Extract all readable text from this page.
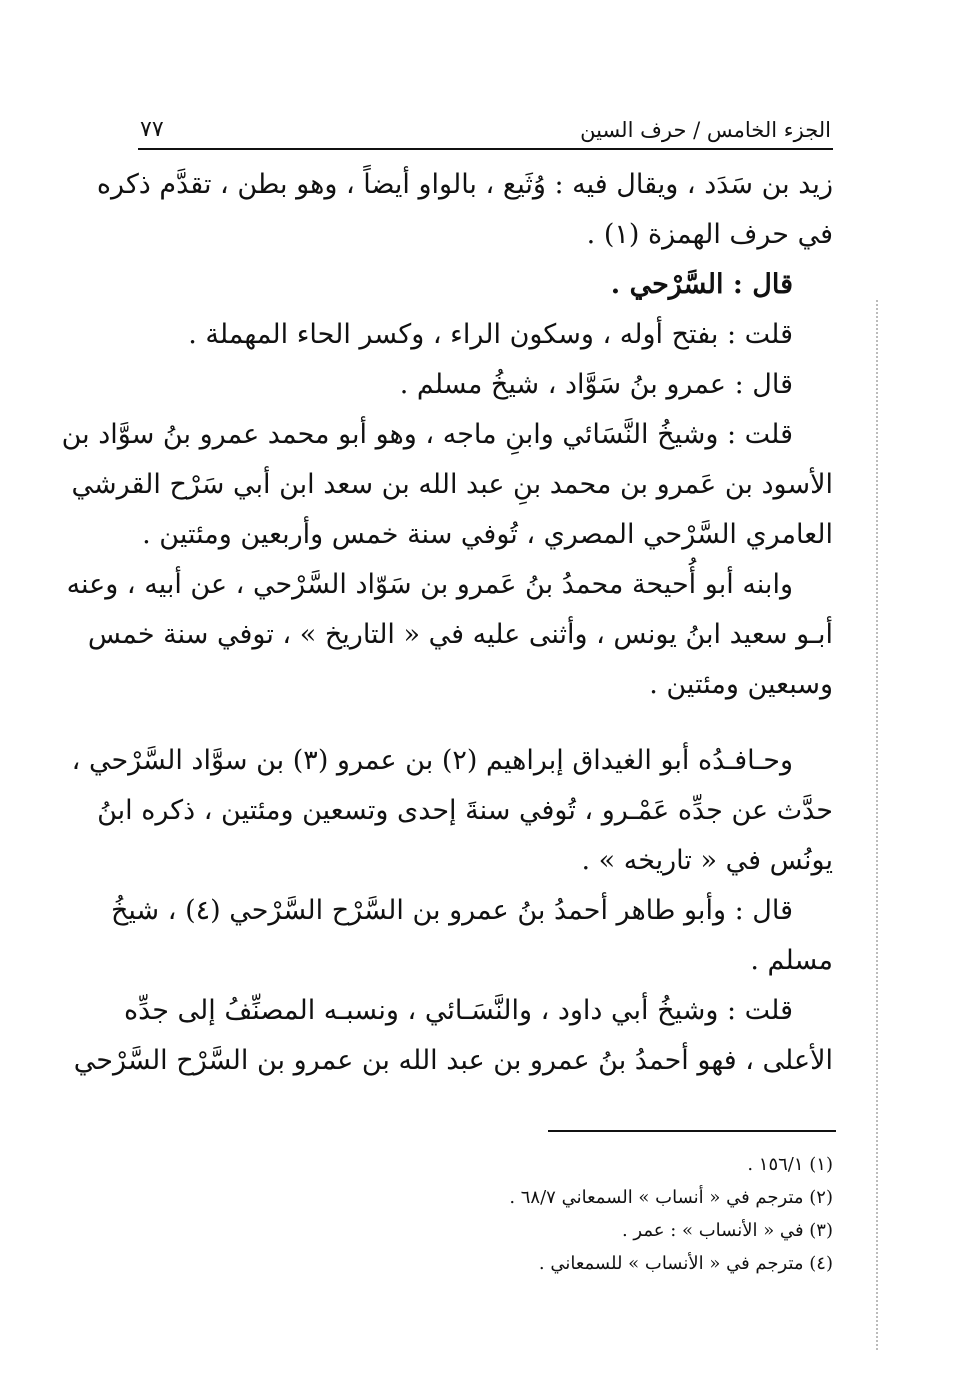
الجزء الخامس / حرف السين
٧٧
زيد بن سَدَد ، ويقال فيه : وُثَيع ، بالواو أيضاً ، وهو بطن ، تقدَّم ذكره
في حرف الهمزة (١) .
قال : السَّرْحي .
قلت : بفتح أوله ، وسكون الراء ، وكسر الحاء المهملة .
قال : عمرو بنُ سَوَّاد ، شيخُ مسلم .
قلت : وشيخُ النَّسَائي وابنِ ماجه ، وهو أبو محمد عمرو بنُ سوَّاد بن
الأسود بن عَمرو بن محمد بنِ عبد الله بن سعد ابن أبي سَرْح القرشي
العامري السَّرْحي المصري ، تُوفي سنة خمس وأربعين ومئتين .
وابنه أبو أُحيحة محمدُ بنُ عَمرو بن سَوّاد السَّرْحي ، عن أبيه ، وعنه
أبـو سعيد ابنُ يونس ، وأثنى عليه في « التاريخ » ، توفي سنة خمس
وسبعين ومئتين .
وحـافـدُه أبو الغيداق إبراهيم (٢) بن عمرو (٣) بن سوَّاد السَّرْحي ،
حدَّث عن جدِّه عَمْـرو ، تُوفي سنةَ إحدى وتسعين ومئتين ، ذكره ابنُ
يونُس في « تاريخه » .
قال : وأبو طاهر أحمدُ بنُ عمرو بن السَّرْح السَّرْحي (٤) ، شيخُ
مسلم .
قلت : وشيخُ أبي داود ، والنَّسَـائي ، ونسبـه المصنِّفُ إلى جدِّه
الأعلى ، فهو أحمدُ بنُ عمرو بن عبد الله بن عمرو بن السَّرْح السَّرْحي
(١) ١٥٦/١ .
(٢) مترجم في « أنساب » السمعاني ٦٨/٧ .
(٣) في « الأنساب » : عمر .
(٤) مترجم في « الأنساب » للسمعاني .
